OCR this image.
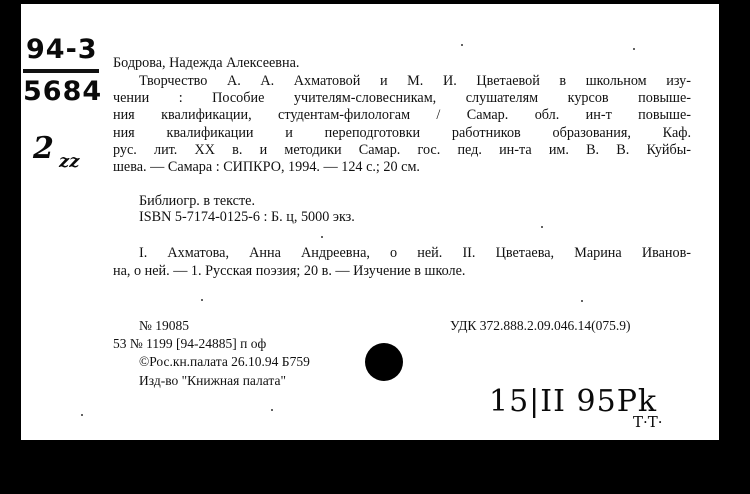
94-3
5684
2 zz
Бодрова, Надежда Алексеевна.
Творчество А. А. Ахматовой и М. И. Цветаевой в школьном изу-
чении : Пособие учителям-словесникам, слушателям курсов повыше-
ния квалификации, студентам-филологам / Самар. обл. ин-т повыше-
ния квалификации и переподготовки работников образования, Каф.
рус. лит. XX в. и методики Самар. гос. пед. ин-та им. В. В. Куйбы-
шева. — Самара : СИПКРО, 1994. — 124 с.; 20 см.
Библиогр. в тексте.
ISBN 5-7174-0125-6 : Б. ц, 5000 экз.
I. Ахматова, Анна Андреевна, о ней. II. Цветаева, Марина Иванов-
на, о ней. — 1. Русская поэзия; 20 в. — Изучение в школе.
№ 19085	УДК 372.888.2.09.046.14(075.9)
53 № 1199 [94-24885] п оф
©Рос.кн.палата 26.10.94 Б759
Изд-во "Книжная палата"
15|II 95Pk
T·T·
